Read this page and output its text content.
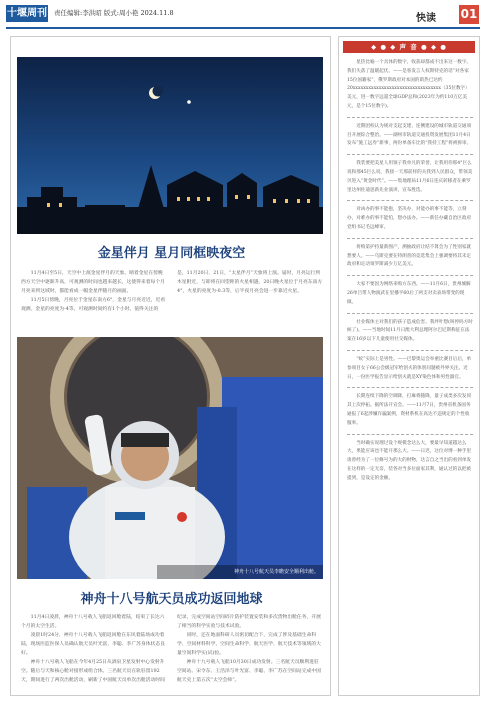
十堰周刊 责任编辑:李洪昭 版式:周小艳 2024.11.8	快读 01
金星伴月 星月同框映夜空

11月4日至5日，天空中上演金星伴月的天象。晴着金星在傍晚西方天空中逐渐升高，可观测的时间也越来越长，这使得来着每个月月亮来到这域时，都能看成一幅金星伴随月的画面。

11月5日傍晚，月亮位于金星东南方6°，金星与月亮近近，近看观测。金星的亮度为-4等，可观测时间约有1个小时。值得关注的是，11月20日、21日，“太星伴月”天象将上演。届时，月亮运行到木星附近，与即将在回望距的火星相遇，20日晚火星位于月亮东南方4°，火星的亮度为-0.3等，后半夜月亮会进一步靠近火星。

神舟十八号航天员李瞻安全顺利出舱。
神舟十八号航天员成功返回地球

11月4日凌晨，神舟十八号载人飞船返回舱着陆，结束了长达六个月的太空生活。

凌晨1时24分，神舟十八号载人飞船返回舱在东风着陆场成功着陆，现场医监医保人员确认航天员叶光富、李聪、李广苏身体状态良好。

神舟十八号载人飞船在今年4月25日从酒泉卫星发射中心发射升空。随后与天和核心舱对接形成组合体。三名航天员在轨驻留192天，期间进行了两次出舱活动，刷新了中国航天员单次出舱活动时间纪录，完成空间站空间碎片防护装置安装和多次货物出舱任务，开展了相当的科学实验与技术试验。

同时，还在地面科研人员密切配合下，完成了涉及基础生命科学、空间材料科学、空间生命科学、航天医学、航天技术等领域的大量空间科学实(试)验。

神舟十九号载人飞船10月30日成功发射。三名航天员顺利进驻空间站。宋令东、王浩泽与叶光富、李聪、李广苏在空间站完成中国航天史上第五次“太空会师”。

◆ ● ◆ 声 音 ● ◆ ●
星热比喻一个具体的数字，收获却都成不出来这一数字。我们失落了温暖起伏。——是客发言人权斯特克的话“对各家15位国籍家”，俄罗斯政府对本国的荫热已达约20xxxxxxxxxxxxxxxxxxxxxxxxxxxxxxxxxx（35位数字）美元，进一数字远超全球GDP总和(2023年为约110万亿美元，是个15位数字)。
近期团校认为规对支起支建、连侧建设的城市轨道交通项目开展综合整治。——湖州市轨道交通投资发展集团11月4日发布“施工远券”新事，两份单备车比的“我持工程”将被拆审。
我装要把美星人用领子我单凡的荣誉，让我用你那4°巨么说和那45巨么说，我接一天那前样的关我到人民群众，带领美贝进入“黄金时代”。——集地理局11月6日连庆转移者在乘罗里达州佐迪思新先业演讲，宣布胜选。
对凶办的事不能抱，坚决办，对能办的事不能等，立刻办，对难办的事不能怕，想办法办。——新任办藏自治区政府党组书记毛远峰审。
将购第护持量新图产，测抽政府让结不算会为了性别家就想要人。——乌斯克要在特朗普的竞选集会上强调要将其未定政府和定动领罗斯减少万亿美元。
大家不要因为网络来购方东西。——11月6日，贵州城解26单吕带人物演武在里播平60后了两支对卖表场带变的现做。
社业媒体主对我们的孩子造成危害。我坪叶想(叫停吗方时候了)。——当地时间11月日澳大利总理阿尔巴尼斯称征在法案在16岁以下儿童使用社交媒体。
“蚁”实际上是男性。——巴黎奥运会举重比赛目后后，单参项目女子66公会级冠军给创夫的体别问题被外界关注。近日，一份医学报告显示给创夫就是XY染色体和男性器官。
长期连续下降的空调降，打麻将随降，量子成类多次发同其上次停拓。据所法开宣会。——11月7日，贵州省机条国务通报了6起涉嫌诈骗案例，资材系机在高达不违规定的个性收服率。
当时确实说理过设个规模念达么大，要最早知道越达么大，果能应该也不能开那么大。——日迟，这位对博一种手里谈曾经为了一位修号为的大的财物，达言自之当出的看到单发在这样的一定无奈，装各对当多位面家其利，通认过的以把被提到，是设定的金额。
